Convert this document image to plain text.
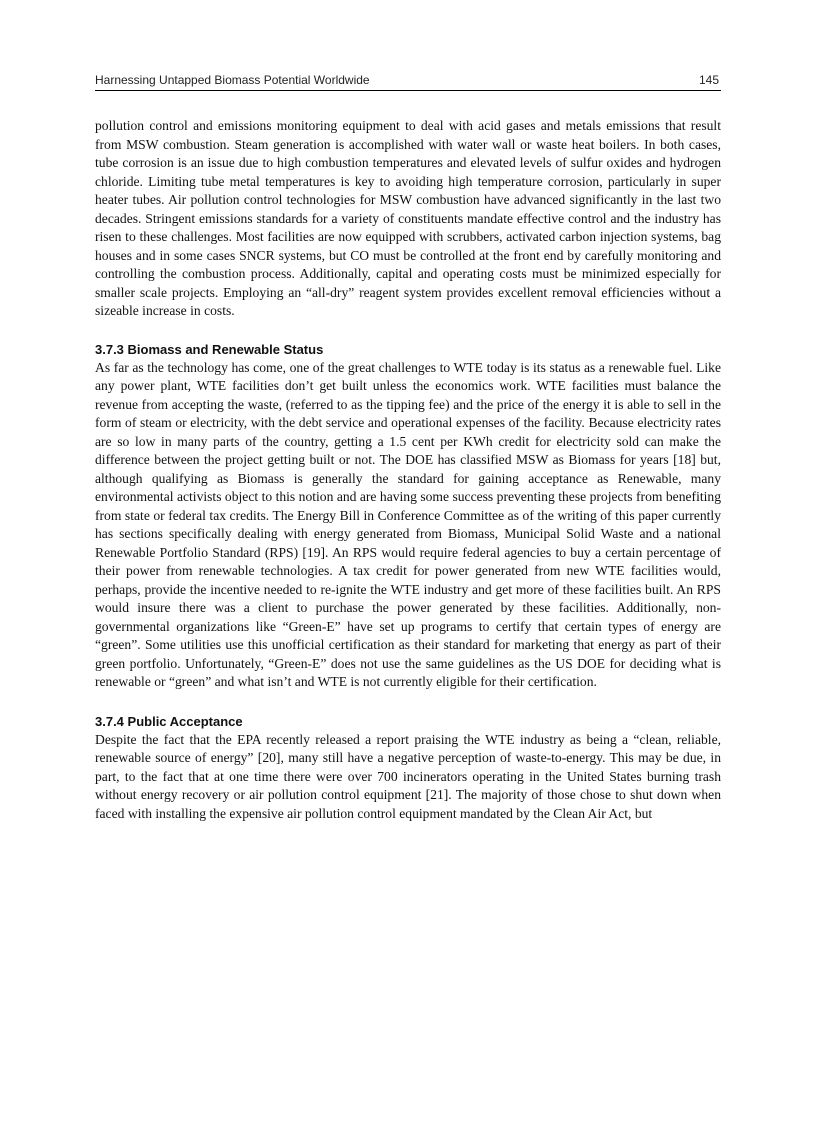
Harnessing Untapped Biomass Potential Worldwide	145

pollution control and emissions monitoring equipment to deal with acid gases and metals emissions that result from MSW combustion. Steam generation is accomplished with water wall or waste heat boilers. In both cases, tube corrosion is an issue due to high combustion temperatures and elevated levels of sulfur oxides and hydrogen chloride. Limiting tube metal temperatures is key to avoiding high temperature corrosion, particularly in super heater tubes. Air pollution control technologies for MSW combustion have advanced significantly in the last two decades. Stringent emissions standards for a variety of constituents mandate effective control and the industry has risen to these challenges. Most facilities are now equipped with scrubbers, activated carbon injection systems, bag houses and in some cases SNCR systems, but CO must be controlled at the front end by carefully monitoring and controlling the combustion process. Additionally, capital and operating costs must be minimized especially for smaller scale projects. Employing an “all-dry” reagent system provides excellent removal efficiencies without a sizeable increase in costs.

3.7.3 Biomass and Renewable Status

As far as the technology has come, one of the great challenges to WTE today is its status as a renewable fuel. Like any power plant, WTE facilities don’t get built unless the economics work. WTE facilities must balance the revenue from accepting the waste, (referred to as the tipping fee) and the price of the energy it is able to sell in the form of steam or electricity, with the debt service and operational expenses of the facility. Because electricity rates are so low in many parts of the country, getting a 1.5 cent per KWh credit for electricity sold can make the difference between the project getting built or not. The DOE has classified MSW as Biomass for years [18] but, although qualifying as Biomass is generally the standard for gaining acceptance as Renewable, many environmental activists object to this notion and are having some success preventing these projects from benefiting from state or federal tax credits. The Energy Bill in Conference Committee as of the writing of this paper currently has sections specifically dealing with energy generated from Biomass, Municipal Solid Waste and a national Renewable Portfolio Standard (RPS) [19]. An RPS would require federal agencies to buy a certain percentage of their power from renewable technologies. A tax credit for power generated from new WTE facilities would, perhaps, provide the incentive needed to re-ignite the WTE industry and get more of these facilities built. An RPS would insure there was a client to purchase the power generated by these facilities. Additionally, non-governmental organizations like “Green-E” have set up programs to certify that certain types of energy are “green”. Some utilities use this unofficial certification as their standard for marketing that energy as part of their green portfolio. Unfortunately, “Green-E” does not use the same guidelines as the US DOE for deciding what is renewable or “green” and what isn’t and WTE is not currently eligible for their certification.

3.7.4 Public Acceptance

Despite the fact that the EPA recently released a report praising the WTE industry as being a “clean, reliable, renewable source of energy” [20], many still have a negative perception of waste-to-energy. This may be due, in part, to the fact that at one time there were over 700 incinerators operating in the United States burning trash without energy recovery or air pollution control equipment [21]. The majority of those chose to shut down when faced with installing the expensive air pollution control equipment mandated by the Clean Air Act, but
